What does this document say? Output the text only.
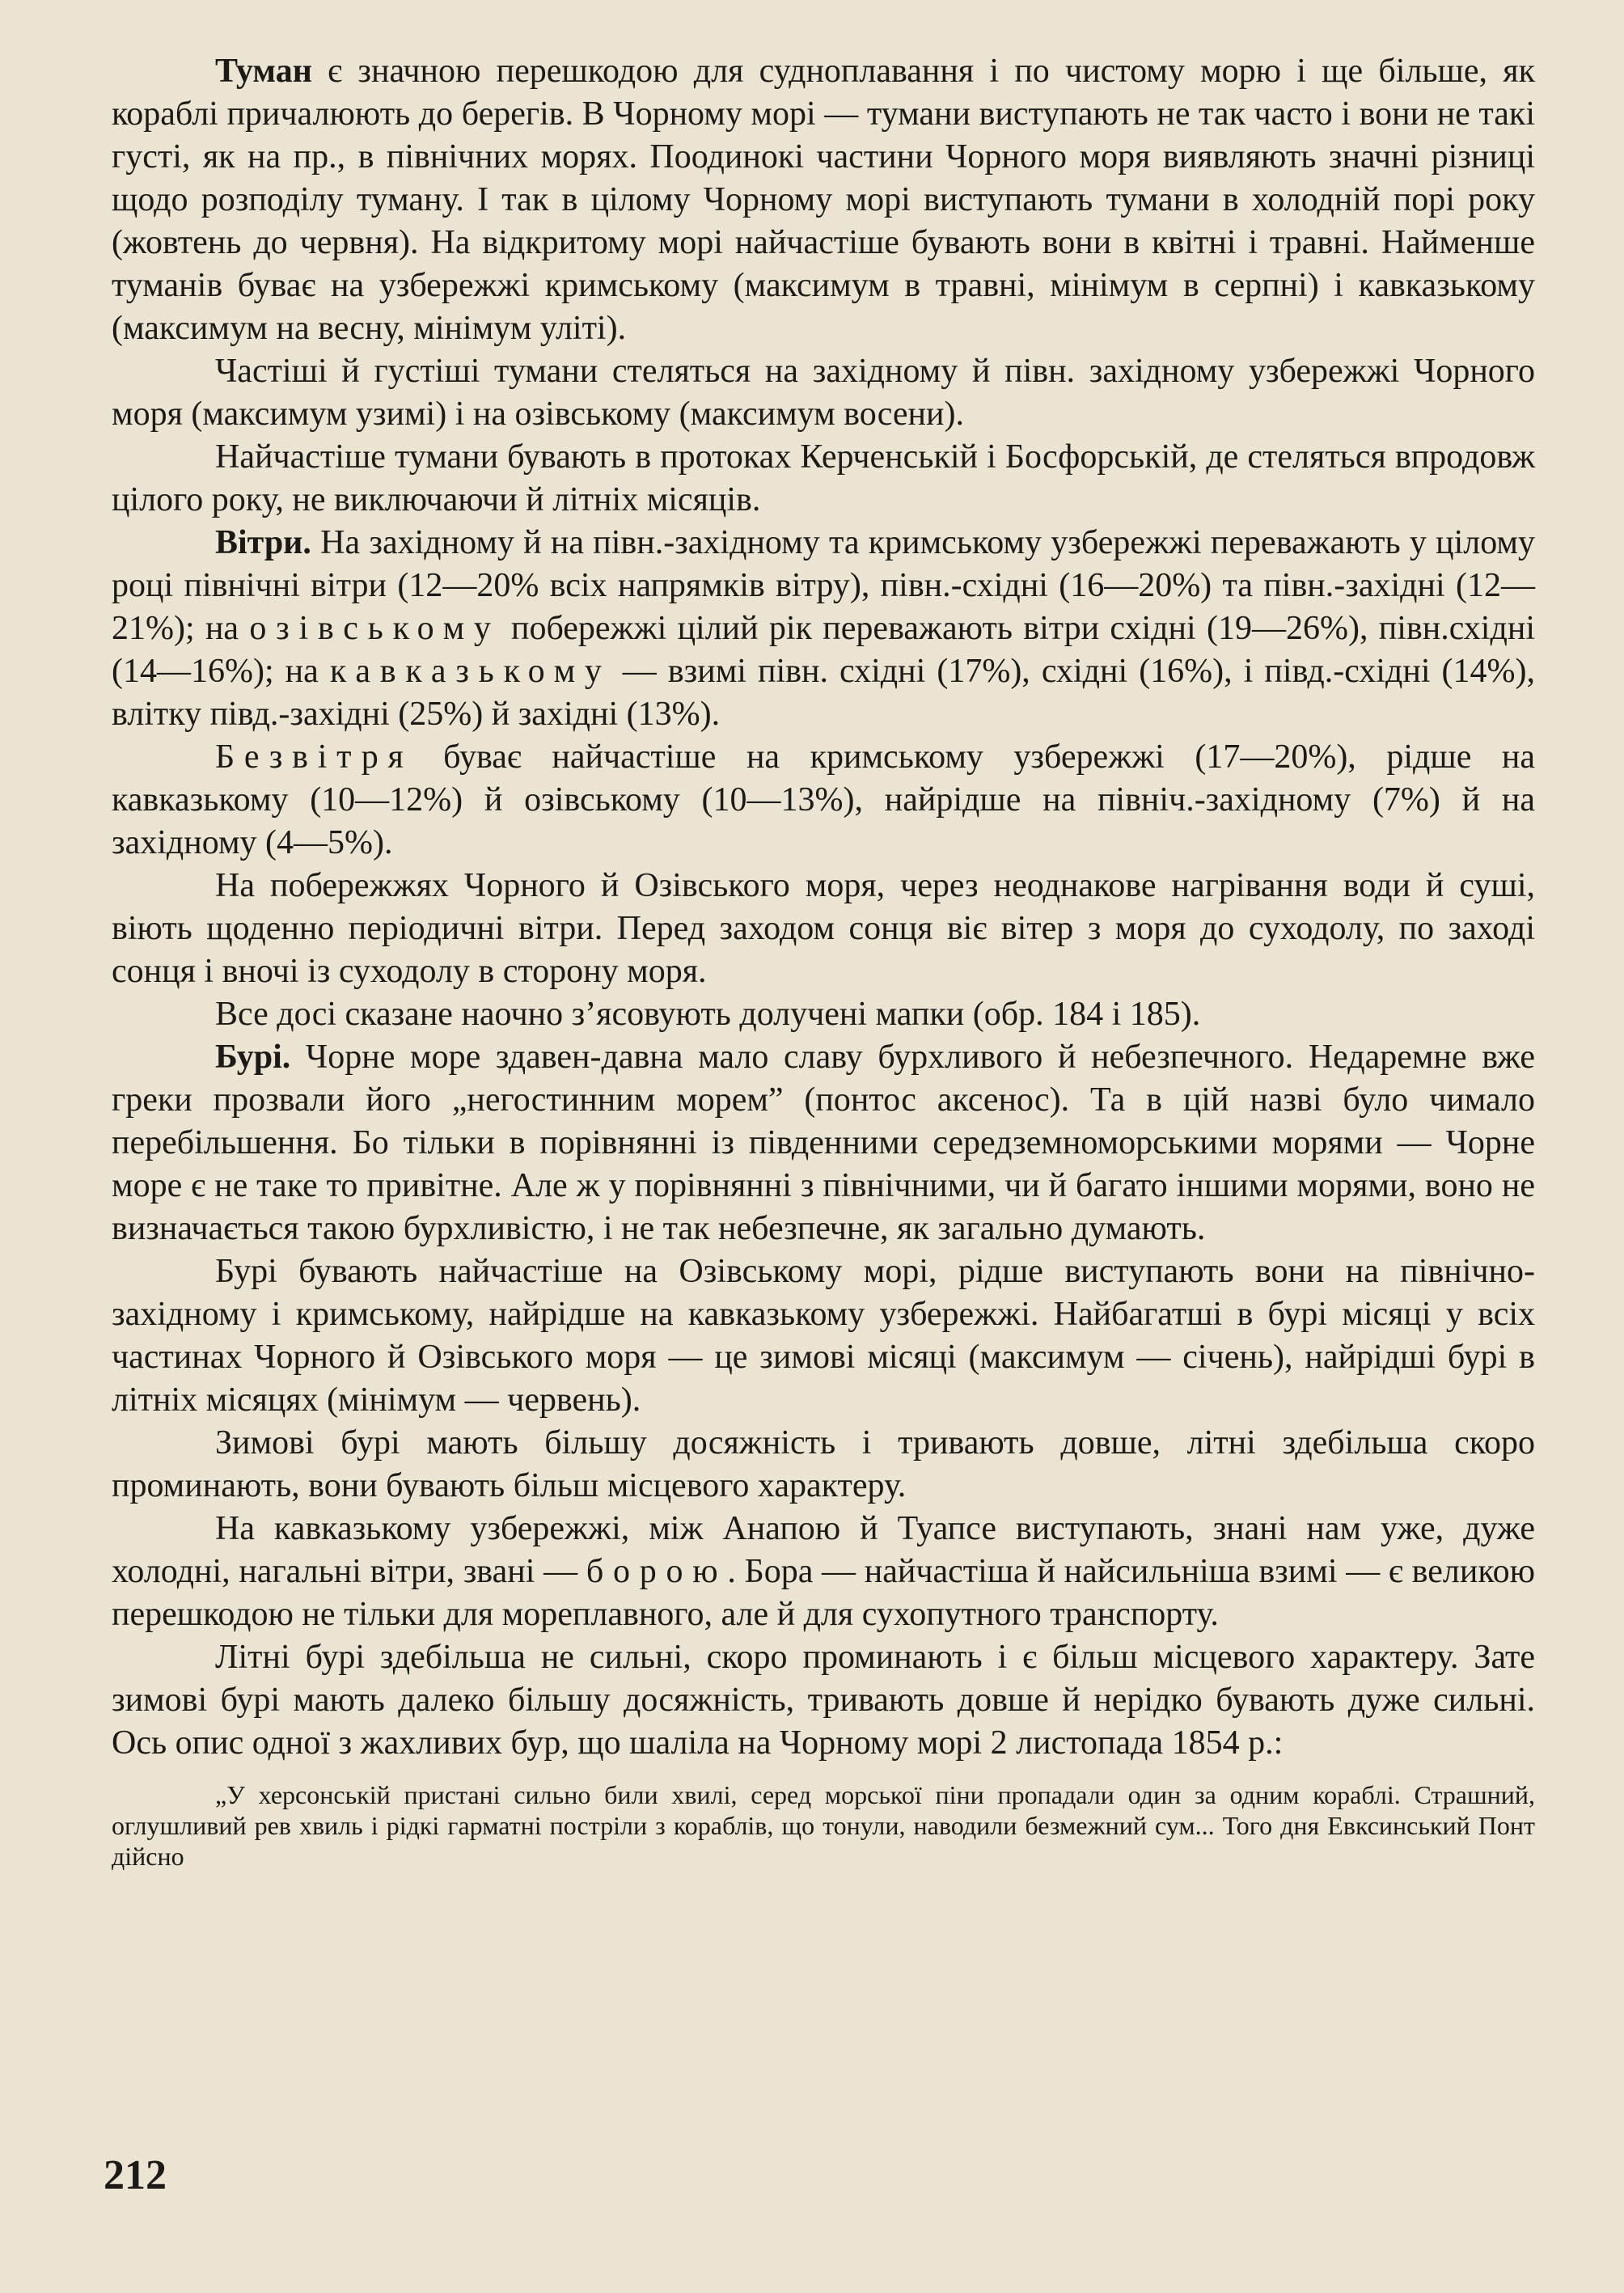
Туман є значною перешкодою для судноплавання і по чистому морю і ще більше, як кораблі причалюють до берегів. В Чорному морі — тумани виступають не так часто і вони не такі густі, як на пр., в північних морях. Поодинокі частини Чорного моря виявляють значні різниці щодо розподілу туману. І так в цілому Чорному морі виступають тумани в холодній порі року (жовтень до червня). На відкритому морі найчастіше бувають вони в квітні і травні. Найменше туманів буває на узбережжі кримському (максимум в травні, мінімум в серпні) і кавказькому (максимум на весну, мінімум уліті).

Частіші й густіші тумани стеляться на західному й півн. західному узбережжі Чорного моря (максимум узимі) і на озівському (максимум восени).

Найчастіше тумани бувають в протоках Керченській і Босфорській, де стеляться впродовж цілого року, не виключаючи й літніх місяців.

Вітри. На західному й на півн.-західному та кримському узбережжі переважають у цілому році північні вітри (12—20% всіх напрямків вітру), півн.-східні (16—20%) та півн.-західні (12—21%); на озівському побережжі цілий рік переважають вітри східні (19—26%), півн.східні (14—16%); на кавказькому — взимі півн. східні (17%), східні (16%), і півд.-східні (14%), влітку півд.-західні (25%) й західні (13%).

Безвітря буває найчастіше на кримському узбережжі (17—20%), рідше на кавказькому (10—12%) й озівському (10—13%), найрідше на північ.-західному (7%) й на західному (4—5%).

На побережжях Чорного й Озівського моря, через неоднакове нагрівання води й суші, віють щоденно періодичні вітри. Перед заходом сонця віє вітер з моря до суходолу, по заході сонця і вночі із суходолу в сторону моря.

Все досі сказане наочно з’ясовують долучені мапки (обр. 184 і 185).

Бурі. Чорне море здавен-давна мало славу бурхливого й небезпечного. Недаремне вже греки прозвали його „негостинним морем” (понтос аксенос). Та в цій назві було чимало перебільшення. Бо тільки в порівнянні із південними середземноморськими морями — Чорне море є не таке то привітне. Але ж у порівнянні з північними, чи й багато іншими морями, воно не визначається такою бурхливістю, і не так небезпечне, як загально думають.

Бурі бувають найчастіше на Озівському морі, рідше виступають вони на північно-західному і кримському, найрідше на кавказькому узбережжі. Найбагатші в бурі місяці у всіх частинах Чорного й Озівського моря — це зимові місяці (максимум — січень), найрідші бурі в літніх місяцях (мінімум — червень).

Зимові бурі мають більшу досяжність і тривають довше, літні здебільша скоро проминають, вони бувають більш місцевого характеру.

На кавказькому узбережжі, між Анапою й Туапсе виступають, знані нам уже, дуже холодні, нагальні вітри, звані — борою. Бора — найчастіша й найсильніша взимі — є великою перешкодою не тільки для мореплавного, але й для сухопутного транспорту.

Літні бурі здебільша не сильні, скоро проминають і є більш місцевого характеру. Зате зимові бурі мають далеко більшу досяжність, тривають довше й нерідко бувають дуже сильні. Ось опис одної з жахливих бур, що шаліла на Чорному морі 2 листопада 1854 р.:

„У херсонській пристані сильно били хвилі, серед морської піни пропадали один за одним кораблі. Страшний, оглушливий рев хвиль і рідкі гарматні постріли з кораблів, що тонули, наводили безмежний сум... Того дня Евксинський Понт дійсно

212
